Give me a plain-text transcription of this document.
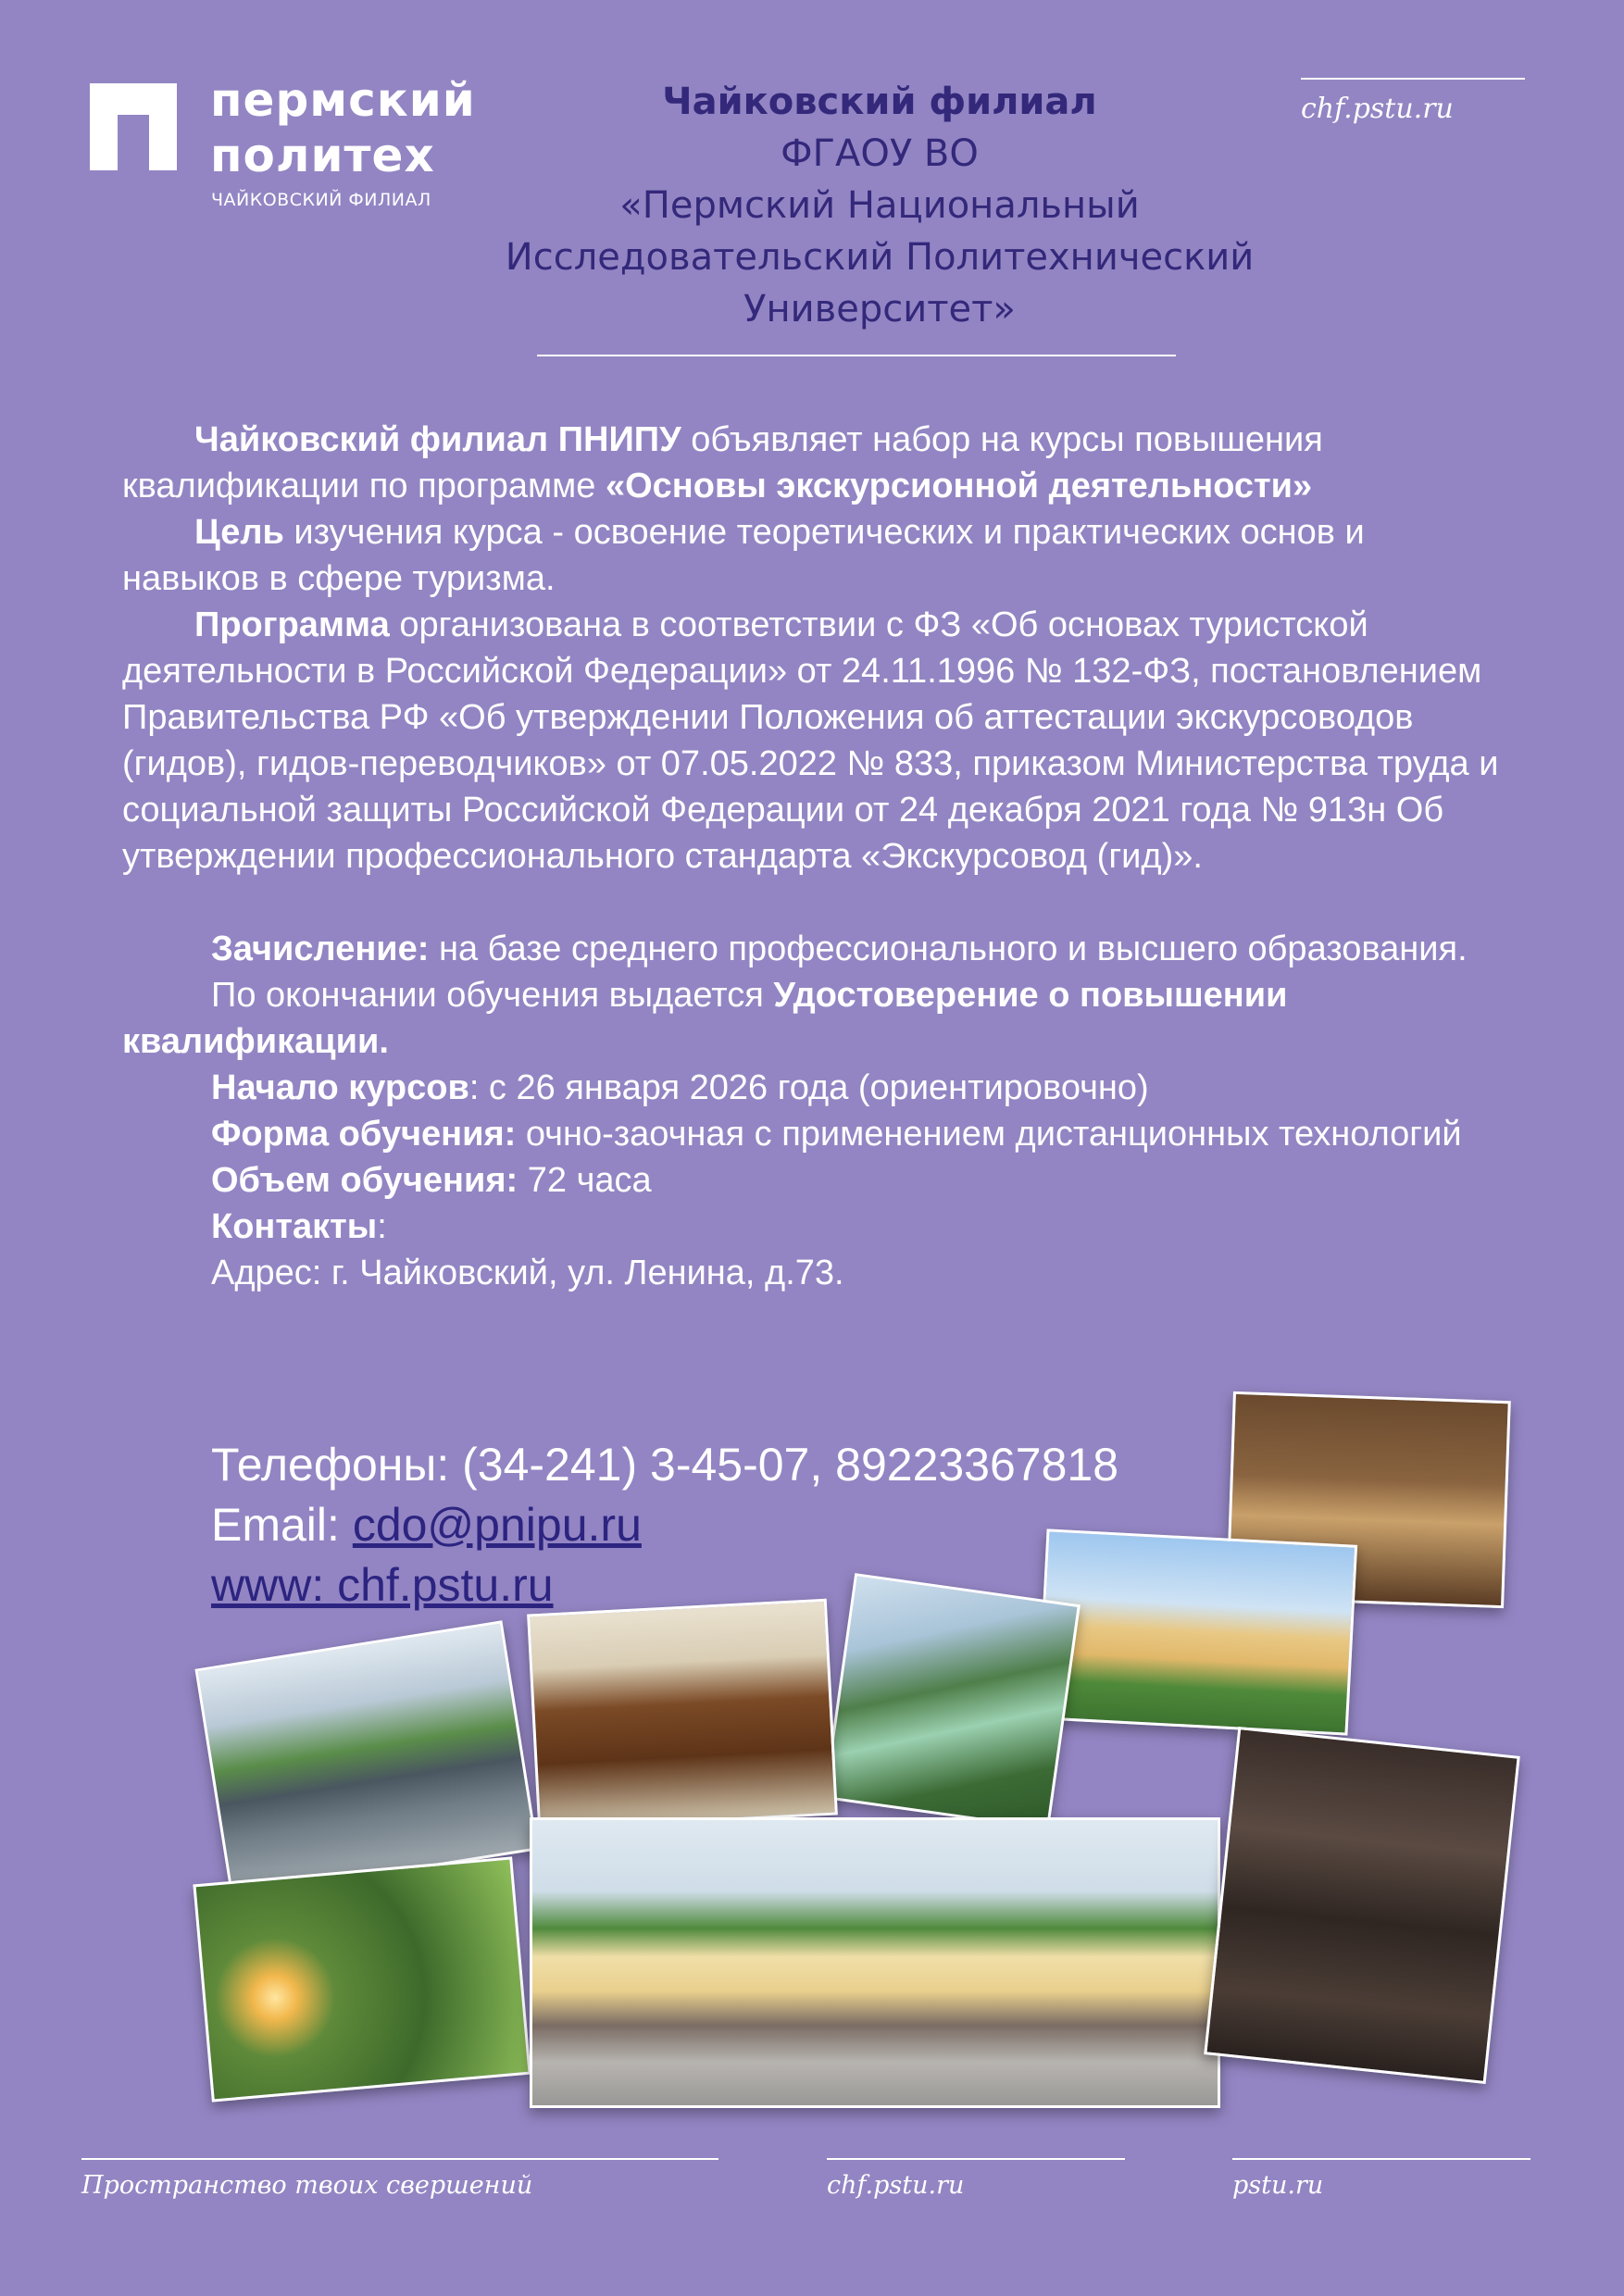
пермский
политех
ЧАЙКОВСКИЙ ФИЛИАЛ
Чайковский филиал
ФГАОУ ВО
«Пермский Национальный
Исследовательский Политехнический
Университет»
chf.pstu.ru

Чайковский филиал ПНИПУ объявляет набор на курсы повышения квалификации по программе «Основы экскурсионной деятельности»

Цель изучения курса - освоение теоретических и практических основ и навыков в сфере туризма.

Программа организована в соответствии с ФЗ «Об основах туристской деятельности в Российской Федерации» от 24.11.1996 № 132-ФЗ, постановлением Правительства РФ «Об утверждении Положения об аттестации экскурсоводов (гидов), гидов-переводчиков» от 07.05.2022 № 833, приказом Министерства труда и социальной защиты Российской Федерации от 24 декабря 2021 года № 913н Об утверждении профессионального стандарта «Экскурсовод (гид)».

Зачисление: на базе среднего профессионального и высшего образования.

По окончании обучения выдается Удостоверение о повышении квалификации.

Начало курсов: с 26 января 2026 года (ориентировочно)

Форма обучения: очно-заочная с применением дистанционных технологий

Объем обучения: 72 часа

Контакты:

Адрес: г. Чайковский, ул. Ленина, д.73.

Телефоны: (34-241) 3-45-07, 89223367818
Email: cdo@pnipu.ru
www: chf.pstu.ru
Пространство твоих свершений	chf.pstu.ru	pstu.ru
